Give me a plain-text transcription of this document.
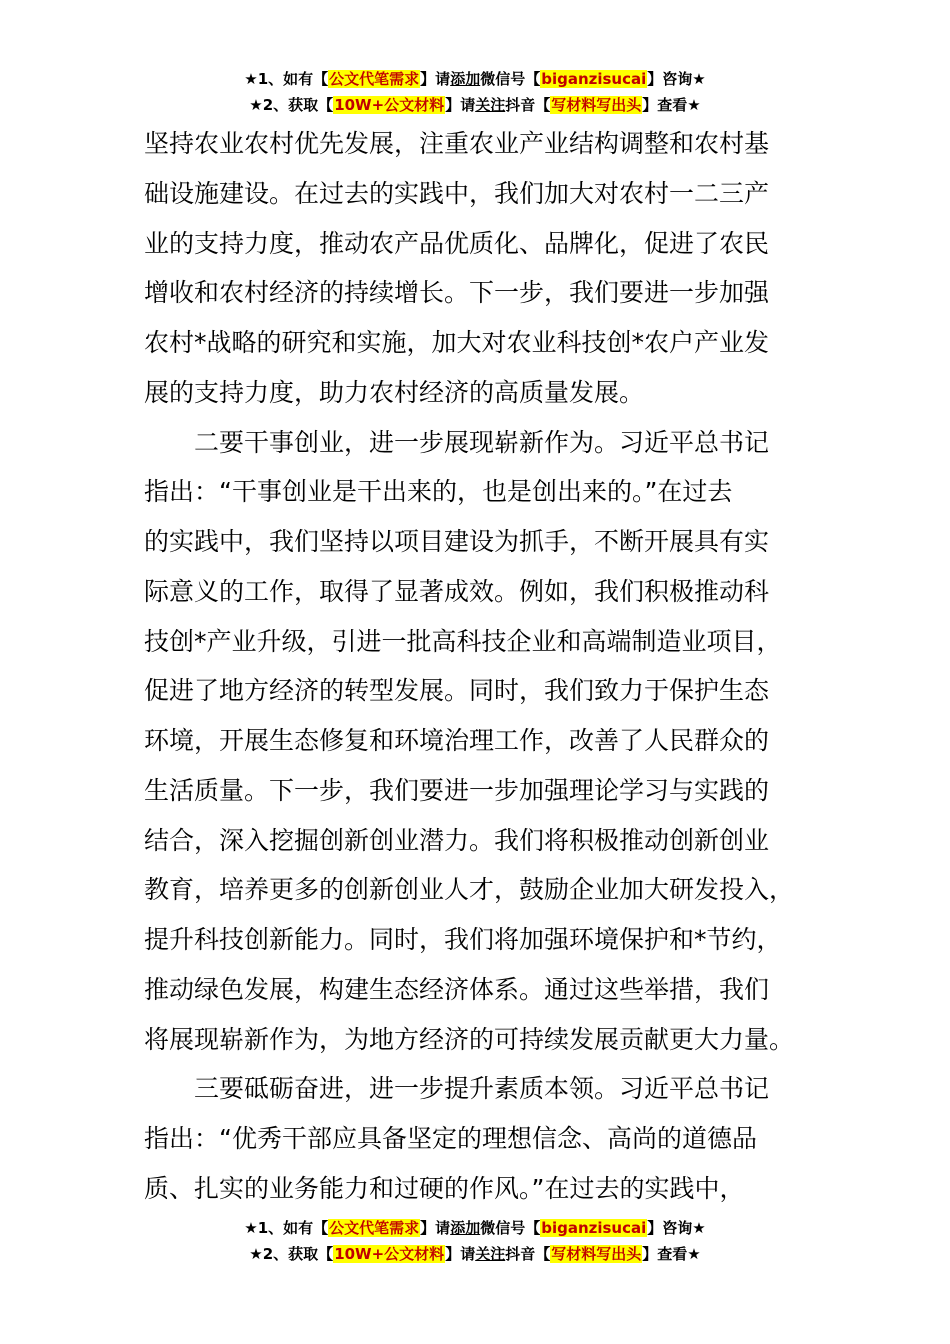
★1、如有【公文代笔需求】请添加微信号【biganzisucai】咨询★
★2、获取【10W+公文材料】请关注抖音【写材料写出头】查看★
坚持农业农村优先发展，注重农业产业结构调整和农村基
础设施建设。在过去的实践中，我们加大对农村一二三产
业的支持力度，推动农产品优质化、品牌化，促进了农民
增收和农村经济的持续增长。下一步，我们要进一步加强
农村*战略的研究和实施，加大对农业科技创*农户产业发
展的支持力度，助力农村经济的高质量发展。
　　二要干事创业，进一步展现崭新作为。习近平总书记
指出：“干事创业是干出来的，也是创出来的。”在过去
的实践中，我们坚持以项目建设为抓手，不断开展具有实
际意义的工作，取得了显著成效。例如，我们积极推动科
技创*产业升级，引进一批高科技企业和高端制造业项目，
促进了地方经济的转型发展。同时，我们致力于保护生态
环境，开展生态修复和环境治理工作，改善了人民群众的
生活质量。下一步，我们要进一步加强理论学习与实践的
结合，深入挖掘创新创业潜力。我们将积极推动创新创业
教育，培养更多的创新创业人才，鼓励企业加大研发投入，
提升科技创新能力。同时，我们将加强环境保护和*节约，
推动绿色发展，构建生态经济体系。通过这些举措，我们
将展现崭新作为，为地方经济的可持续发展贡献更大力量。
　　三要砥砺奋进，进一步提升素质本领。习近平总书记
指出：“优秀干部应具备坚定的理想信念、高尚的道德品
质、扎实的业务能力和过硬的作风。”在过去的实践中，
★1、如有【公文代笔需求】请添加微信号【biganzisucai】咨询★
★2、获取【10W+公文材料】请关注抖音【写材料写出头】查看★
